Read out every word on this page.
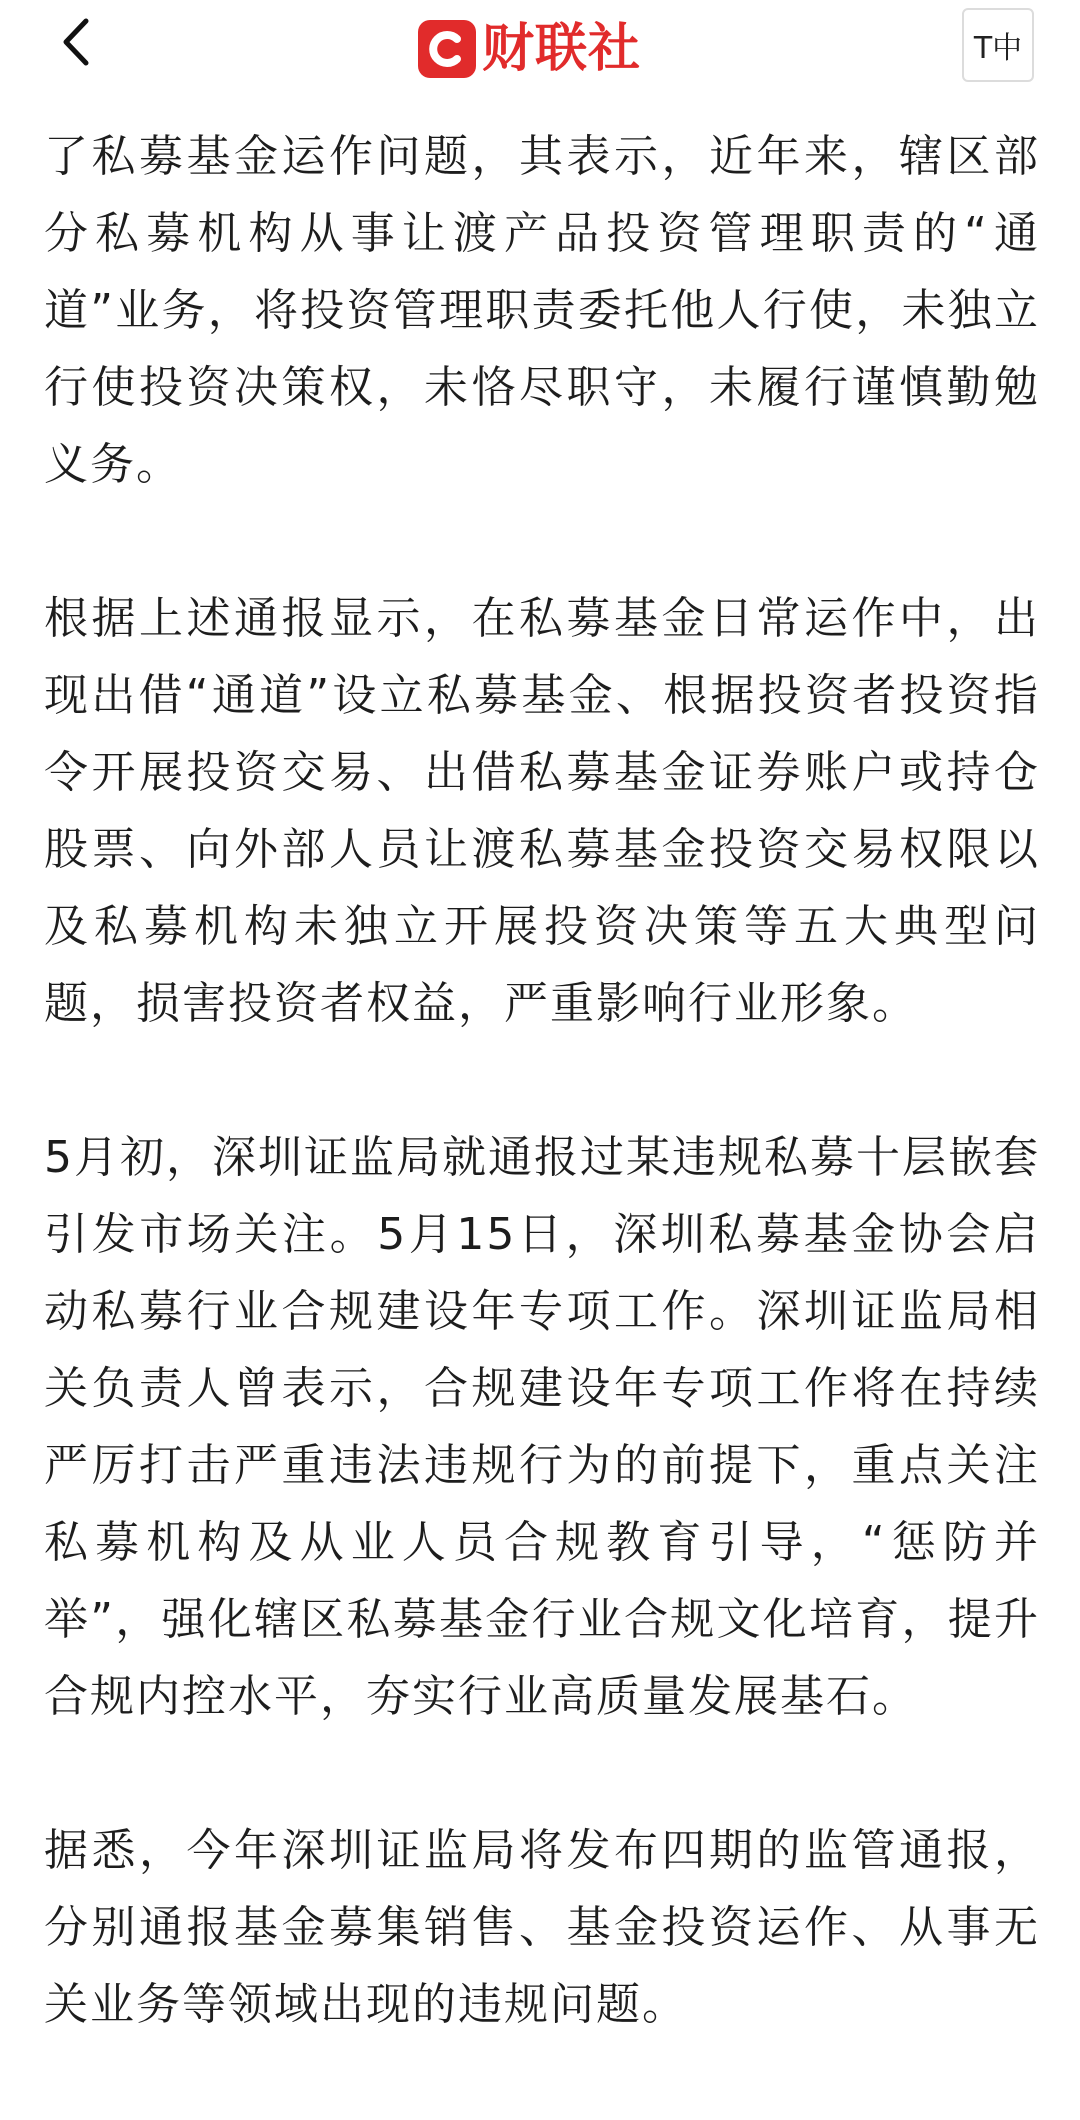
财联社	T中

了私募基金运作问题，其表示，近年来，辖区部分私募机构从事让渡产品投资管理职责的“通道”业务，将投资管理职责委托他人行使，未独立行使投资决策权，未恪尽职守，未履行谨慎勤勉义务。

根据上述通报显示，在私募基金日常运作中，出现出借“通道”设立私募基金、根据投资者投资指令开展投资交易、出借私募基金证券账户或持仓股票、向外部人员让渡私募基金投资交易权限以及私募机构未独立开展投资决策等五大典型问题，损害投资者权益，严重影响行业形象。

5月初，深圳证监局就通报过某违规私募十层嵌套引发市场关注。5月15日，深圳私募基金协会启动私募行业合规建设年专项工作。深圳证监局相关负责人曾表示，合规建设年专项工作将在持续严厉打击严重违法违规行为的前提下，重点关注私募机构及从业人员合规教育引导，“惩防并举”，强化辖区私募基金行业合规文化培育，提升合规内控水平，夯实行业高质量发展基石。

据悉，今年深圳证监局将发布四期的监管通报，分别通报基金募集销售、基金投资运作、从事无关业务等领域出现的违规问题。
